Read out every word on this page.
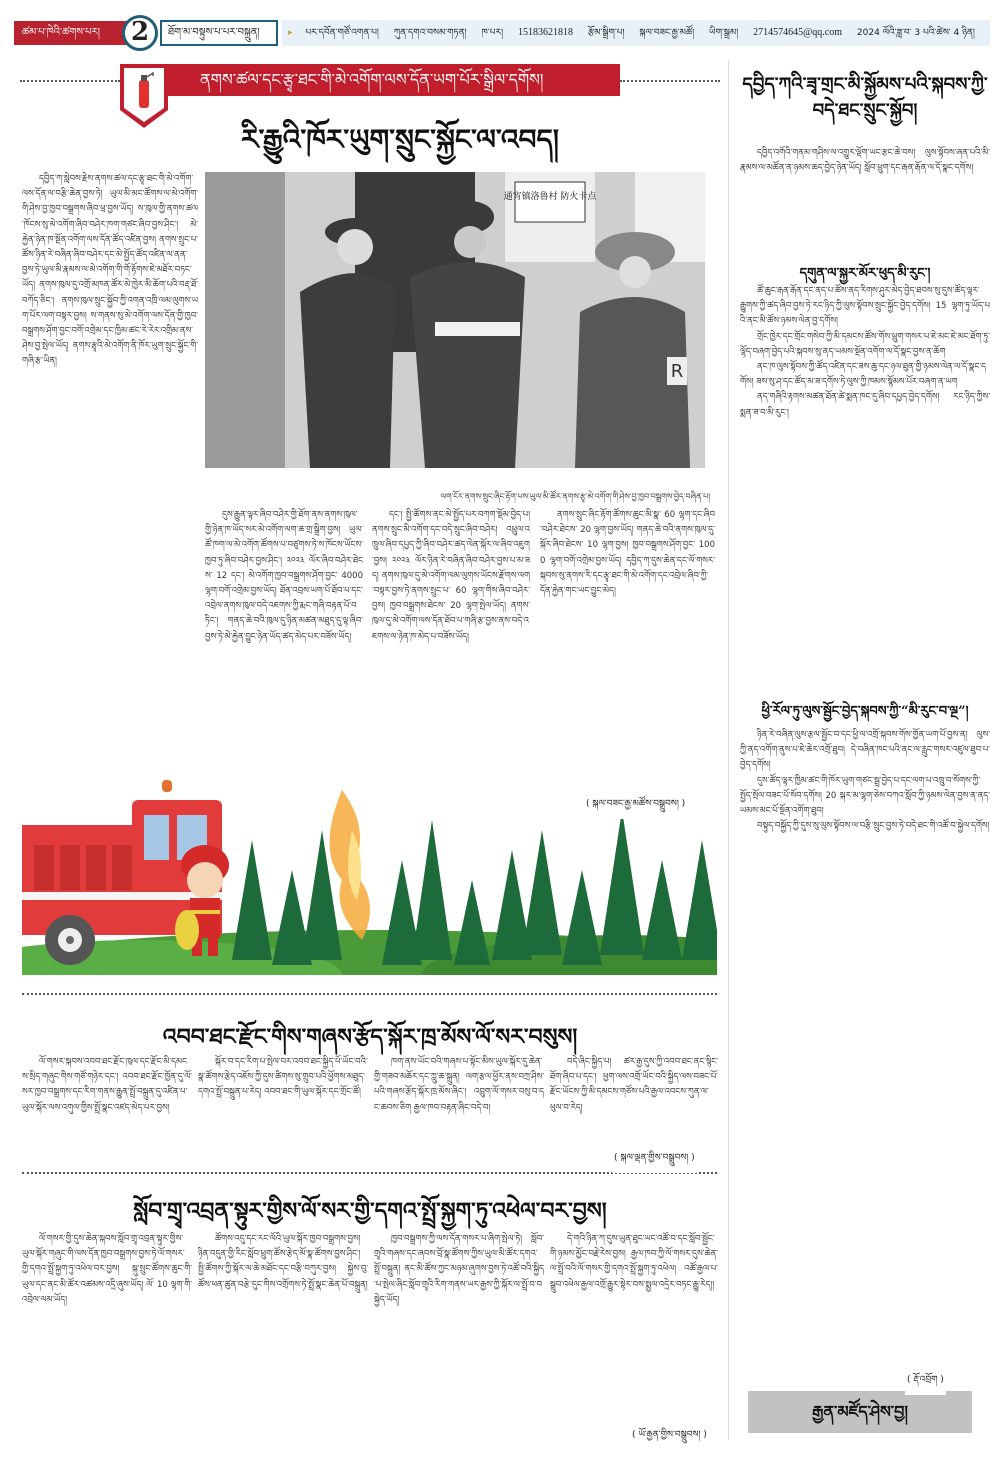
ཚམ་པ་ཁེའི་ཚགས་པར།	2	ཐོག་མ་བསྟུས་པ་པར་བསྐྲུན།	▸ པར་དབོན་གཙོ་འགན་པ། ཀུན་དགའ་བསམ་གཏན། ཁ་པར། 15183621818 རྩོམ་སྒྲིག་པ། སྐལ་བཟང་རྒྱ་མཚོ། ཡིག་སྒྲམ། 2714574645@qq.com 2024 ལོའི་ཟླ་བ་ 3 པའི་ཚེས་ 4 ཉིན།
ནགས་ཚལ་དང་རྩྭ་ཐང་གི་མེ་འགོག་ལས་དོན་ཡག་པོར་སྒྲིལ་དགོས།
རི་རྒྱུའི་ཁོར་ཡུག་སྲུང་སྐྱོང་ལ་འབད།

དབྱིད་ཀ་སླེབས་རྗེས་ནགས་ཚལ་དང་རྩྭ་ཐང་གི་མེ་འགོག་ལས་དོན་ལ་བརྩི་ཆེན་བྱས་ཏེ། ཡུལ་མི་མང་ཚོགས་ལ་མེ་འགོག་གི་ཤེས་བྱ་ཁྱབ་བསྒྲགས་ཞིབ་ཕྲ་བྱས་ཡོད། ས་ཁུལ་གྱི་ནགས་ཚལ་ཁོངས་སུ་མེ་འགོག་ཞིབ་བཤེར་ཁག་གཙང་ཞིབ་བྱས་ཤིང་། མེ་རྐྱེན་ཉེན་ཁ་སྔོན་འགོག་ལས་དོན་ཚོད་འཛིན་བྱས། ནགས་སྲུང་པ་ཚོས་ཉིན་རེ་བཞིན་ཞིབ་བཤེར་དང་མེ་སྤྱོད་ཚོད་འཛིན་ལ་ནན་བྱས་ཏེ་ཡུལ་མི་རྣམས་ལ་མེ་འགོག་གི་གོ་རྟོགས་ཇེ་མཐོར་བཏང་ཡོད། ནགས་ཁུལ་དུ་འགྲོ་མཁན་ཚོར་མེ་ཁྱེར་མི་ཆོག་པའི་བརྡ་ཐོ་བཀོད་ཅིང་། ནགས་ཁུལ་སྲུང་སྐྱོབ་ཀྱི་འགན་འཁྲི་ལམ་ལུགས་ཡག་པོར་ལག་བསྟར་བྱས། ས་གནས་སུ་མེ་འགོག་ལས་དོན་གྱི་ཁྱབ་བསྒྲགས་ཤོག་བྱང་བགོ་འགྲེམ་དང་ཁྱིམ་ཚང་རེ་རེར་འགྲིམ་ནས་ཤེས་བྱ་སྤེལ་ཡོད། ནགས་རྩྭའི་མེ་འགོག་ནི་ཁོར་ཡུག་སྲུང་སྐྱོང་གི་གཞི་རྩ་ཡིན།

通宵镇洛鲁村 防火卡点
R
ལག་ངོར་ནགས་སྲུང་ཞིང་རྟོག་པས་ཡུལ་མི་ཚོར་ནགས་རྩྭ་མེ་འགོག་གི་ཤེས་བྱ་ཁྱབ་བསྒྲགས་བྱེད་བཞིན་པ།

དུས་རྒྱུན་ལྟར་ཞིབ་བཤེར་གྱི་ཐོག་ནས་ནགས་ཁུལ་གྱི་ཉེན་ཁ་ཡོད་སར་མེ་འགོག་ལག་ཆ་གྲ་སྒྲིག་བྱས། ཡུལ་ཚོ་ཁག་ལ་མེ་འགོག་ཚོགས་པ་བཙུགས་ཏེ་ས་ཁོངས་ཡོངས་ཁྱབ་ཏུ་ཞིབ་བཤེར་བྱས་ཤིང་། ༢༠༢༣ ལོར་ཞིབ་བཤེར་ཐེངས་ 12 དང་། མེ་འགོག་ཁྱབ་བསྒྲགས་ཤོག་བྱང་ 4000 ལྷག་བགོ་འགྲེམ་བྱས་ཡོད། ཐོན་འབྲས་ཡག་པོ་ཐོབ་པ་དང་འབྲེལ་ནགས་ཁུལ་བདེ་འཇགས་ཀྱི་རྨང་གཞི་བརྟན་པོ་བཏིང་། གནད་ཆེ་བའི་ཁུལ་དུ་ཉིན་མཚན་མཐུད་དུ་ལྟ་ཞིབ་བྱས་ཏེ་མེ་རྐྱེན་བྱུང་ཉེན་ཡོད་ཚད་མེད་པར་བཟོས་ཡོད།

དང་། སྤྱི་ཚོགས་ནང་མེ་སྤྱོད་པར་བཀག་སྡོམ་བྱེད་པ། ནགས་སྲུང་མི་འགོག་དང་བདེ་སྲུང་ཞིབ་བཤེར། འཕྲུལ་འཁྲུལ་ཞིབ་དཔྱད་ཀྱི་ཞིབ་བཤེར་ཚད་ལེན་སྐོར་ལ་ཞིབ་འཇུག་བྱས། ༢༠༢༣ ལོར་ཉིན་རེ་བཞིན་ཞིབ་བཤེར་བྱས་པ་མ་ཟད། ནགས་ཁུལ་དུ་མེ་འགོག་ལམ་ལུགས་ཡོངས་རྫོགས་ལག་བསྟར་བྱས་ཏེ་ནགས་སྲུང་པ་ 60 ལྷག་གིས་ཞིབ་བཤེར་བྱས། ཁྱབ་བསྒྲགས་ཐེངས་ 20 ལྷག་སྤེལ་ཡོད། ནགས་ཁུལ་དུ་མེ་འགོག་ལས་དོན་ཐོབ་པ་གཞི་རྩ་བྱས་ནས་བདེ་འཇགས་ལ་ཉེན་ཁ་མེད་པ་བཟོས་ཡོད།

ནགས་སྲུང་ཞིང་རྟོག་ཚོགས་ཆུང་མི་སྣ་ 60 ལྷག་དང་ཞིབ་བཤེར་ཐེངས་ 20 ལྷག་བྱས་ཡོད། གནད་ཆེ་བའི་ནགས་ཁུལ་དུ་སྐོར་ཞིབ་ཐེངས་ 10 ལྷག་བྱས། ཁྱབ་བསྒྲགས་ཤོག་བྱང་ 1000 ལྷག་བགོ་འགྲེམ་བྱས་ཡོད། དབྱིད་ཀ་དུས་ཆེན་དང་ལོ་གསར་སྐབས་སུ་ནགས་རི་དང་རྩྭ་ཐང་གི་མེ་འགོག་དང་འབྲེལ་ཞིབ་ཀྱི་དོན་རྐྱེན་གང་ཡང་བྱུང་མེད།

( སྐལ་བཟང་རྒྱ་མཚོས་བསྒྲུབས། )
འབབ་ཐང་རྫོང་གིས་གཞས་རྩོད་སྐོར་ཁྲ་མོས་ལོ་སར་བསུས།

ལོ་གསར་སྐབས་འབབ་ཐང་རྫོང་ཁུལ་དང་རྫོང་མི་དམངས་སྲིད་གཞུང་གིས་གཙོ་གཉེར་དང་། འབབ་ཐང་རྫོང་ཁྱོན་དུ་ལོ་སར་ཁྱབ་བསྒྲགས་དང་རིག་གནས་རྒྱུན་སྤྲོ་བསྐྲུན་དུ་འཛིན་པ་ཡུལ་སྐོར་ལས་འགུལ་གྱིས་སྤྲོ་སྣང་འཛད་མེད་པར་བྱས།

སྐོར་བ་དང་རིག་པ་སྤེལ་བར་འབབ་ཐང་སྐྱིད་པོ་ཡོང་བའི་སྣ་ཚོགས་རྩེད་འཇོས་ཀྱི་དུས་ཚིགས་སུ་གྲུབ་པའི་ཕྱོགས་མཐུད་དགའ་སྤྲོ་བསྐྲུན་པ་རེད། འབབ་ཐང་གི་ཡུལ་སྐོར་དང་གྲོང་ཚོ།

ཁག་ནས་ཡོང་བའི་གཞས་པ་སྟོང་མིས་ཡུལ་སྐོར་དུ་ཆེན་གྱི་གཟབ་མཆོར་དང་ཀླུ་ཆ་སྐྲུན། ལག་རྩལ་ཕྱོར་ནས་བཀྲ་ཤིས་པའི་གཞས་རྩོད་སྐོར་ཁྲ་མོས་ཞིང་། འབྲུག་ལོ་གསར་བསུ་བ་དང་ཆབས་ཅིག རྒྱལ་ཁབ་བརྟན་ཞིང་བདེ་བ།

བདེ་ཞིང་སྐྱིད་པ། ཚར་རྒྱ་དུས་ཀྱི་འབབ་ཐང་ནང་སྙིང་ཐོག་ཞིབ་པ་དང་། ཕྱག་ལས་འགྲོ་ཡོང་བའི་སྐྱིད་ལས་བཟང་པོ་རྫོང་ཡོངས་ཀྱི་མི་དམངས་གཙོས་པའི་རྒྱལ་འབངས་ཀུན་ལ་ཕུལ་བ་རེད།

( སྐལ་ལྡན་གྱིས་བསྒྲུབས། )
སློབ་གྲྭ་འབྲན་སྟུར་གྱིས་ལོ་སར་གྱི་དགའ་སྤྲོ་སྐྱག་ཏུ་འཕེལ་བར་བྱས།

ལོ་གསར་གྱི་དུས་ཆེན་སྐབས་སློབ་གྲྭ་འབྲན་སྟུར་གྱིས་ཡུལ་སྐོར་གཞུང་གི་ལས་དོན་ཁྱབ་བསྒྲགས་བྱས་ཏེ་ལོ་གསར་གྱི་དགའ་སྤྲོ་སྐྱག་ཏུ་འཕེལ་བར་བྱས། སྐུ་སྲུང་ཚོགས་ཆུང་གི་ཡུལ་དང་ནང་མི་ཚོར་འཚམས་འདྲི་ཞུས་ཡོད། ལོ་ 10 ལྷག་གི་འབྲེལ་ལམ་ཡོད།

ཚོགས་འདུ་དང་རང་ལོའི་ཡུལ་སྐོར་ཁྱབ་བསྒྲགས་བྱས། ཉིན་བདུན་གྱི་རིང་སློབ་ཕྲུག་ཚོས་རྩེད་མོ་སྣ་ཚོགས་བྱས་ཤིང་། སྤྱི་ཚོགས་ཀྱི་སྐོར་ལ་ཆེ་མཐོང་དང་བརྩི་བཀུར་བྱས། སྐྱེས་བུ་ཚོས་ཕན་ཚུན་བརྩེ་དུང་གིས་འགྲོགས་ཏེ་སྤྲོ་སྣང་ཆེན་པོ་བསྐྲུན།

ཁྱབ་བསྒྲགས་ཀྱི་ལས་དོན་གསར་པ་ཞིག་སྤེལ་ཏེ། སློབ་གྲྭའི་གཞས་དང་ཞབས་བྲོ་སྣ་ཚོགས་ཀྱིས་ཡུལ་མི་ཚོར་དགའ་སྤྲོ་བསྐྲུན། ནང་མི་ཚོས་ཀྱང་མཉམ་ཞུགས་བྱས་ཏེ་འཚོ་བའི་སྐྱིད་པ་སྤེལ་ཞིང་སློབ་གྲྭའི་རིག་གནས་ཡར་རྒྱས་ཀྱི་སྐོར་ལ་སྤྲོ་བ་བསྐྱེད་ཡོད།

དེ་གའི་ཉིན་ཀ་དུས་ཡུན་ཐུང་ཡང་འཚོ་བ་དང་སློབ་སྦྱོང་གི་ཉམས་མྱོང་བརྗེ་རེས་བྱས། རྒྱལ་ཁབ་ཀྱི་ལོ་གསར་དུས་ཆེན་ལ་སྤྲོ་བའི་ལོ་གསར་གྱི་དགའ་སྤྲོ་སྐྱག་ཏུ་འཕེལ། འཚོ་རྒྱལ་པ་སྒྲུབ་འཕེལ་རྒྱལ་འགྲོ་རྒྱུར་སྟེར་བས་སྨྱལ་འདྲེར་བཏང་རྒྱུ་རེད།།

( ཡོ་རྒྱན་གྱིས་བསྒྲུབས། )
དབྱིད་ཀའི་ཟྭ་གྲང་མི་སྐྱོམས་པའི་སྐབས་ཀྱི་བདེ་ཐང་སྲུང་སྐྱོབ།

དབྱིད་འགོའི་གནམ་གཤིས་ལ་འགྱུར་ལྡོག་ཡང་རྩང་ཆེ་བས། ལུས་སྟོབས་ཞན་པའི་མི་རྣམས་ལ་མཚོན་ན་ཉམས་ཆད་བྱེད་ཉེན་ཡོད། སློབ་ཕྲུག་དང་རྒན་རྒོན་ལ་དོ་སྣང་དགོས།

དགུན་ལ་སྐྱར་མོར་ཕུད་མི་རུང་།

ཚོ་ཆུང་རྒན་རྒོན་དང་ནད་པ་ཚོས་ནད་རིགས་ཤུར་མེད་བྱེད་ཐབས་སུ་དུས་ཚོད་ལྟར་རྒྱུགས་ཀྱི་ཚད་ཞིབ་བྱས་ཏེ་རང་ཉིད་ཀྱི་ལུས་སྟོབས་སྲུང་སྐྱོང་བྱེད་དགོས། 15 ལྷག་ཏུ་ཡོད་པའི་ནང་མི་ཚོས་ཉམས་ལེན་བྱ་དགོས།

གྲོང་ཁྱེར་དང་གྲོང་གསེབ་ཀྱི་མི་དམངས་ཚོས་གོས་ཕྲུག་གསར་པ་ཇེ་མང་ཇེ་མང་ཐོག་ཏུ་ལྷོད་བཞག་བྱེད་པའི་སྐབས་སུ་ནད་ཡམས་སྔོན་འགོག་ལ་དོ་སྣང་བྱས་ན་ཆོག

ནང་ཁ་ལུས་སྟོབས་ཀྱི་ཚོད་འཛིན་དང་ཟས་ཆུ་དང་ཉལ་ཐུན་གྱི་ཉམས་ལེན་ལ་དོ་སྣང་དགོས། ཟས་སུ་ཤ་དང་ཚོད་མ་ཟ་དགོས་ཏེ་ལུས་ཀྱི་ཁམས་སྙོམས་པོར་བཞག་ན་ཡག

ནད་གཞིའི་རྟགས་མཚན་ཐོན་ཚེ་སྨན་ཁང་དུ་ཞིབ་དཔྱད་བྱེད་དགོས། རང་ཉིད་ཀྱིས་སྨན་ཟ་བ་མི་རུང་།

ཕྱི་རོལ་ཏུ་ལུས་སྦྱོང་བྱེད་སྐབས་ཀྱི་“མི་རུང་བ་ལྔ”།

ཉིན་རེ་བཞིན་ལུས་རྩལ་སྦྱོང་བ་དང་ཕྱི་ལ་འགྲོ་སྐབས་གོས་གྱོན་ཡག་པོ་བྱས་ན། ལུས་ཀྱི་ནད་འགོག་ནུས་པ་ཇེ་ཆེར་འགྲོ་ཐུབ། དེ་བཞིན་ཁང་པའི་ནང་ལ་རླུང་གསར་འཛུལ་ཐུབ་པ་བྱེད་དགོས།

དུས་ཚོད་ལྟར་ཁྱིམ་ཚང་གི་ཁོར་ཡུག་གཙང་སྦྲ་བྱེད་པ་དང་ལག་པ་འཁྲུ་བ་སོགས་ཀྱི་སྤྱོད་སྲོལ་བཟང་པོ་སོབ་དགོས། 20 སྐར་མ་ལྷག་ཅེས་བཀའ་སློབ་ཀྱི་ཉམས་ལེན་བྱས་ན་ནད་ཡམས་མང་པོ་སྔོན་འགོག་ཐུབ།

བསྟུད་བསྐྱོད་ཀྱི་དུས་སུ་ལུས་སྟོབས་ལ་བརྩི་སྲུང་བྱས་ཏེ་བདེ་ཐང་གི་འཚོ་བ་སྐྱེལ་དགོས།

( རྡོ་འབྲོག )
རྒྱན་མཛོད་ཤེས་བྱ།
